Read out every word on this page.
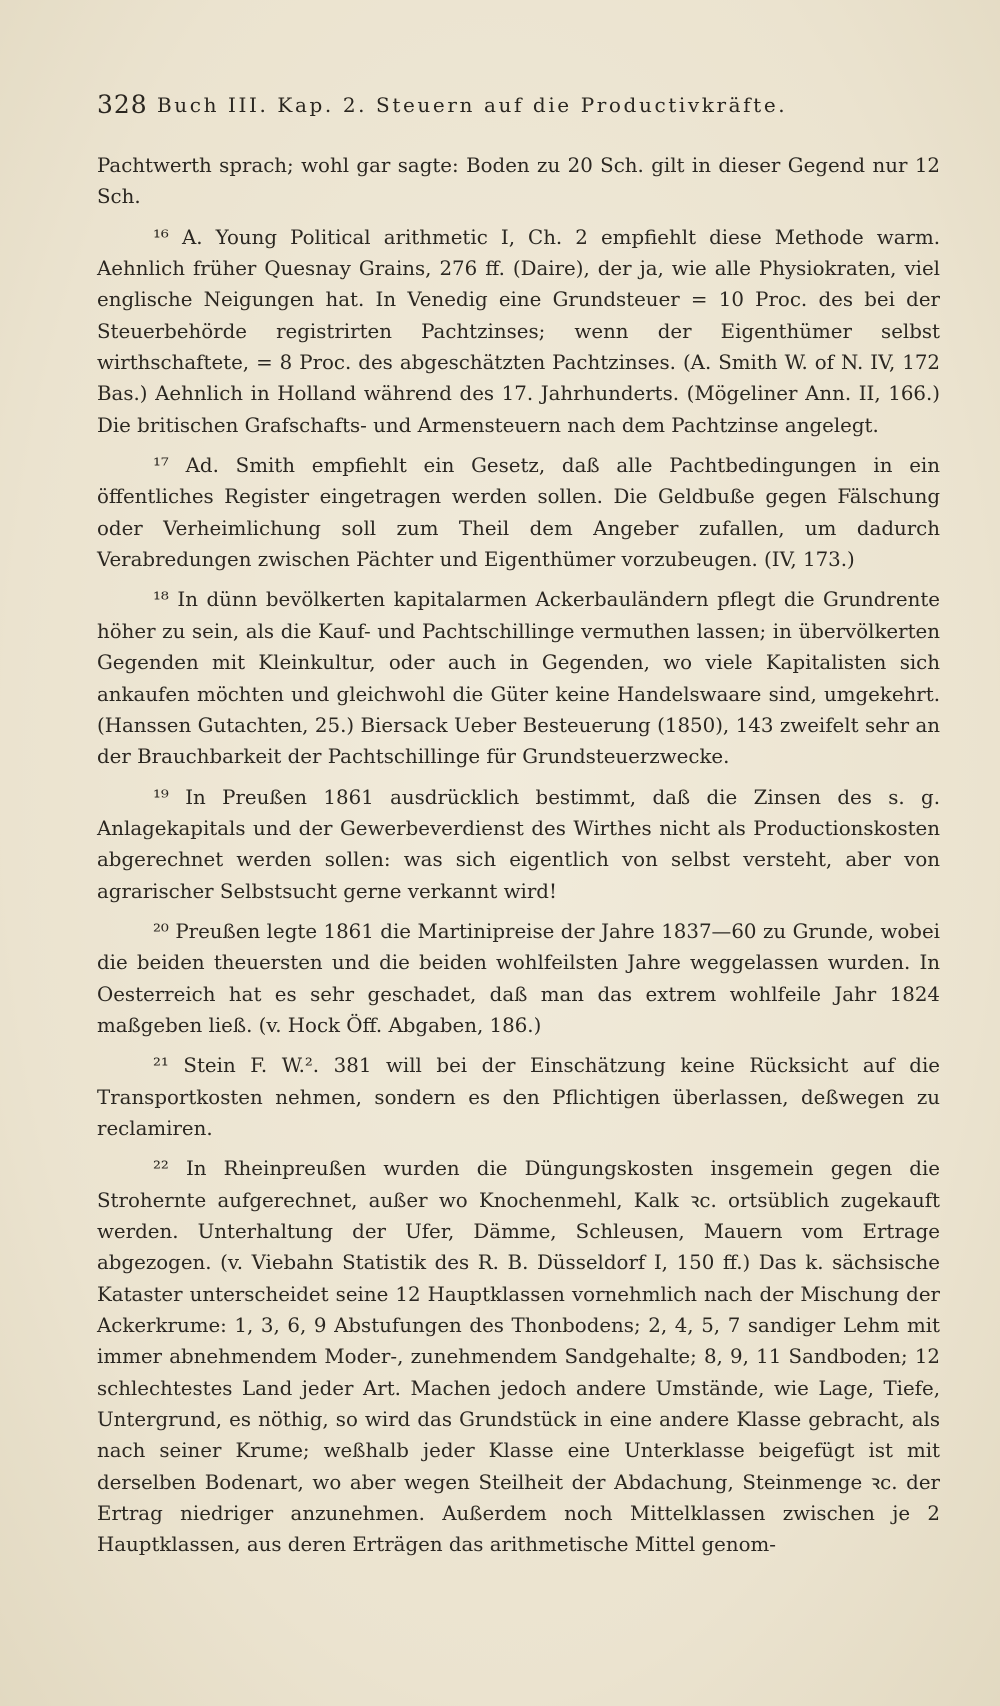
328 Buch III. Kap. 2. Steuern auf die Productivkräfte.

Pachtwerth sprach; wohl gar sagte: Boden zu 20 Sch. gilt in dieser Gegend nur 12 Sch.

¹⁶ A. Young Political arithmetic I, Ch. 2 empfiehlt diese Methode warm. Aehnlich früher Quesnay Grains, 276 ff. (Daire), der ja, wie alle Physiokraten, viel englische Neigungen hat. In Venedig eine Grundsteuer = 10 Proc. des bei der Steuerbehörde registrirten Pachtzinses; wenn der Eigenthümer selbst wirthschaftete, = 8 Proc. des abgeschätzten Pachtzinses. (A. Smith W. of N. IV, 172 Bas.) Aehnlich in Holland während des 17. Jahrhunderts. (Mögeliner Ann. II, 166.) Die britischen Grafschafts- und Armensteuern nach dem Pachtzinse angelegt.

¹⁷ Ad. Smith empfiehlt ein Gesetz, daß alle Pachtbedingungen in ein öffentliches Register eingetragen werden sollen. Die Geldbuße gegen Fälschung oder Verheimlichung soll zum Theil dem Angeber zufallen, um dadurch Verabredungen zwischen Pächter und Eigenthümer vorzubeugen. (IV, 173.)

¹⁸ In dünn bevölkerten kapitalarmen Ackerbauländern pflegt die Grundrente höher zu sein, als die Kauf- und Pachtschillinge vermuthen lassen; in übervölkerten Gegenden mit Kleinkultur, oder auch in Gegenden, wo viele Kapitalisten sich ankaufen möchten und gleichwohl die Güter keine Handelswaare sind, umgekehrt. (Hanssen Gutachten, 25.) Biersack Ueber Besteuerung (1850), 143 zweifelt sehr an der Brauchbarkeit der Pachtschillinge für Grundsteuerzwecke.

¹⁹ In Preußen 1861 ausdrücklich bestimmt, daß die Zinsen des s. g. Anlagekapitals und der Gewerbeverdienst des Wirthes nicht als Productionskosten abgerechnet werden sollen: was sich eigentlich von selbst versteht, aber von agrarischer Selbstsucht gerne verkannt wird!

²⁰ Preußen legte 1861 die Martinipreise der Jahre 1837—60 zu Grunde, wobei die beiden theuersten und die beiden wohlfeilsten Jahre weggelassen wurden. In Oesterreich hat es sehr geschadet, daß man das extrem wohlfeile Jahr 1824 maßgeben ließ. (v. Hock Öff. Abgaben, 186.)

²¹ Stein F. W.². 381 will bei der Einschätzung keine Rücksicht auf die Transportkosten nehmen, sondern es den Pflichtigen überlassen, deßwegen zu reclamiren.

²² In Rheinpreußen wurden die Düngungskosten insgemein gegen die Strohernte aufgerechnet, außer wo Knochenmehl, Kalk ꝛc. ortsüblich zugekauft werden. Unterhaltung der Ufer, Dämme, Schleusen, Mauern vom Ertrage abgezogen. (v. Viebahn Statistik des R. B. Düsseldorf I, 150 ff.) Das k. sächsische Kataster unterscheidet seine 12 Hauptklassen vornehmlich nach der Mischung der Ackerkrume: 1, 3, 6, 9 Abstufungen des Thonbodens; 2, 4, 5, 7 sandiger Lehm mit immer abnehmendem Moder-, zunehmendem Sandgehalte; 8, 9, 11 Sandboden; 12 schlechtestes Land jeder Art. Machen jedoch andere Umstände, wie Lage, Tiefe, Untergrund, es nöthig, so wird das Grundstück in eine andere Klasse gebracht, als nach seiner Krume; weßhalb jeder Klasse eine Unterklasse beigefügt ist mit derselben Bodenart, wo aber wegen Steilheit der Abdachung, Steinmenge ꝛc. der Ertrag niedriger anzunehmen. Außerdem noch Mittelklassen zwischen je 2 Hauptklassen, aus deren Erträgen das arithmetische Mittel genom-
